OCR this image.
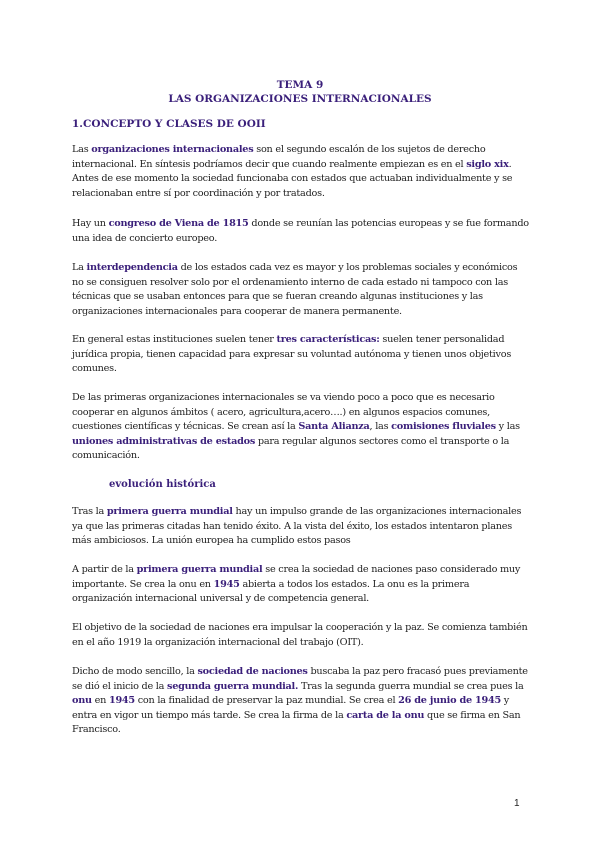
TEMA 9
LAS ORGANIZACIONES INTERNACIONALES
1.CONCEPTO Y CLASES DE OOII

Las organizaciones internacionales son el segundo escalón de los sujetos de derecho internacional. En síntesis podríamos decir que cuando realmente empiezan es en el siglo xix. Antes de ese momento la sociedad funcionaba con estados que actuaban individualmente y se relacionaban entre sí por coordinación y por tratados.

Hay un congreso de Viena de 1815 donde se reunían las potencias europeas y se fue formando una idea de concierto europeo.

La interdependencia de los estados cada vez es mayor y los problemas sociales y económicos no se consiguen resolver solo por el ordenamiento interno de cada estado ni tampoco con las técnicas que se usaban entonces para que se fueran creando algunas instituciones y las organizaciones internacionales para cooperar de manera permanente.

En general estas instituciones suelen tener tres características: suelen tener personalidad jurídica propia, tienen capacidad para expresar su voluntad autónoma y tienen unos objetivos comunes.

De las primeras organizaciones internacionales se va viendo poco a poco que es necesario cooperar en algunos ámbitos ( acero, agricultura,acero….) en algunos espacios comunes, cuestiones científicas y técnicas. Se crean así la Santa Alianza, las comisiones fluviales y las uniones administrativas de estados para regular algunos sectores como el transporte o la comunicación.

evolución histórica

Tras la primera guerra mundial hay un impulso grande de las organizaciones internacionales ya que las primeras citadas han tenido éxito. A la vista del éxito, los estados intentaron planes más ambiciosos. La unión europea ha cumplido estos pasos

A partir de la primera guerra mundial se crea la sociedad de naciones paso considerado muy importante. Se crea la onu en 1945 abierta a todos los estados. La onu es la primera organización internacional universal y de competencia general.

El objetivo de la sociedad de naciones era impulsar la cooperación y la paz. Se comienza también en el año 1919 la organización internacional del trabajo (OIT).

Dicho de modo sencillo, la sociedad de naciones buscaba la paz pero fracasó pues previamente se dió el inicio de la segunda guerra mundial. Tras la segunda guerra mundial se crea pues la onu en 1945 con la finalidad de preservar la paz mundial. Se crea el 26 de junio de 1945 y entra en vigor un tiempo más tarde. Se crea la firma de la carta de la onu que se firma en San Francisco.

1
